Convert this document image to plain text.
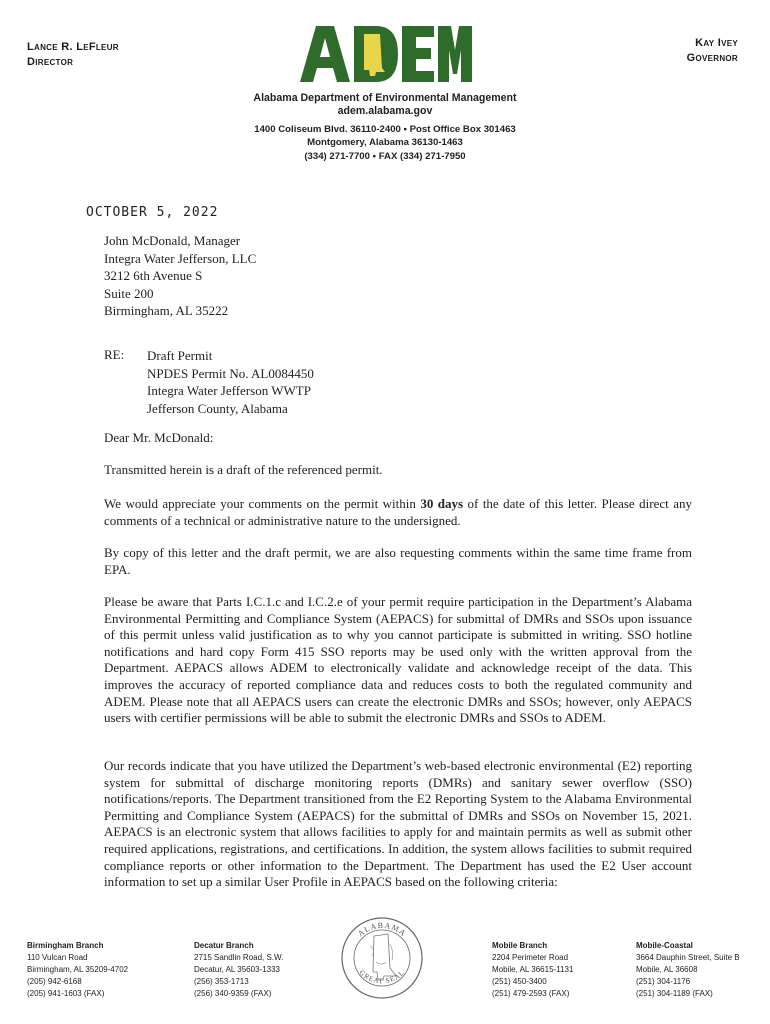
Lance R. LeFleur
Director
Kay Ivey
Governor
ADEM
Alabama Department of Environmental Management
adem.alabama.gov
1400 Coliseum Blvd. 36110-2400 ▪ Post Office Box 301463
Montgomery, Alabama 36130-1463
(334) 271-7700 ▪ FAX (334) 271-7950
OCTOBER 5, 2022
John McDonald, Manager
Integra Water Jefferson, LLC
3212 6th Avenue S
Suite 200
Birmingham, AL 35222
RE: Draft Permit
NPDES Permit No. AL0084450
Integra Water Jefferson WWTP
Jefferson County, Alabama
Dear Mr. McDonald:
Transmitted herein is a draft of the referenced permit.

We would appreciate your comments on the permit within 30 days of the date of this letter. Please direct any comments of a technical or administrative nature to the undersigned.

By copy of this letter and the draft permit, we are also requesting comments within the same time frame from EPA.
Please be aware that Parts I.C.1.c and I.C.2.e of your permit require participation in the Department’s Alabama Environmental Permitting and Compliance System (AEPACS) for submittal of DMRs and SSOs upon issuance of this permit unless valid justification as to why you cannot participate is submitted in writing. SSO hotline notifications and hard copy Form 415 SSO reports may be used only with the written approval from the Department. AEPACS allows ADEM to electronically validate and acknowledge receipt of the data. This improves the accuracy of reported compliance data and reduces costs to both the regulated community and ADEM. Please note that all AEPACS users can create the electronic DMRs and SSOs; however, only AEPACS users with certifier permissions will be able to submit the electronic DMRs and SSOs to ADEM.
Our records indicate that you have utilized the Department’s web-based electronic environmental (E2) reporting system for submittal of discharge monitoring reports (DMRs) and sanitary sewer overflow (SSO) notifications/reports. The Department transitioned from the E2 Reporting System to the Alabama Environmental Permitting and Compliance System (AEPACS) for the submittal of DMRs and SSOs on November 15, 2021. AEPACS is an electronic system that allows facilities to apply for and maintain permits as well as submit other required applications, registrations, and certifications. In addition, the system allows facilities to submit required compliance reports or other information to the Department. The Department has used the E2 User account information to set up a similar User Profile in AEPACS based on the following criteria:
Birmingham Branch
110 Vulcan Road
Birmingham, AL 35209-4702
(205) 942-6168
(205) 941-1603 (FAX)
Decatur Branch
2715 Sandlin Road, S.W.
Decatur, AL 35603-1333
(256) 353-1713
(256) 340-9359 (FAX)
Mobile Branch
2204 Perimeter Road
Mobile, AL 36615-1131
(251) 450-3400
(251) 479-2593 (FAX)
Mobile-Coastal
3664 Dauphin Street, Suite B
Mobile, AL 36608
(251) 304-1176
(251) 304-1189 (FAX)
ALABAMA
GREAT SEAL
